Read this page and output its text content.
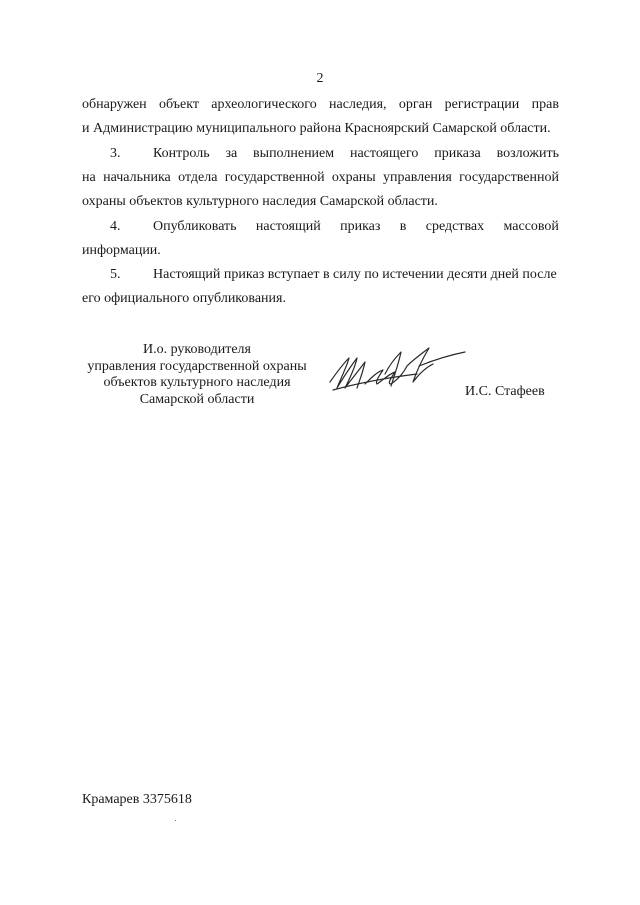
2
обнаружен объект археологического наследия, орган регистрации прав
и Администрацию муниципального района Красноярский Самарской области.
3. Контроль за выполнением настоящего приказа возложить
на начальника отдела государственной охраны управления государственной
охраны объектов культурного наследия Самарской области.
4. Опубликовать настоящий приказ в средствах массовой
информации.
5. Настоящий приказ вступает в силу по истечении десяти дней после
его официального опубликования.
И.о. руководителя
управления государственной охраны
объектов культурного наследия
Самарской области	И.С. Стафеев
Крамарев 3375618
